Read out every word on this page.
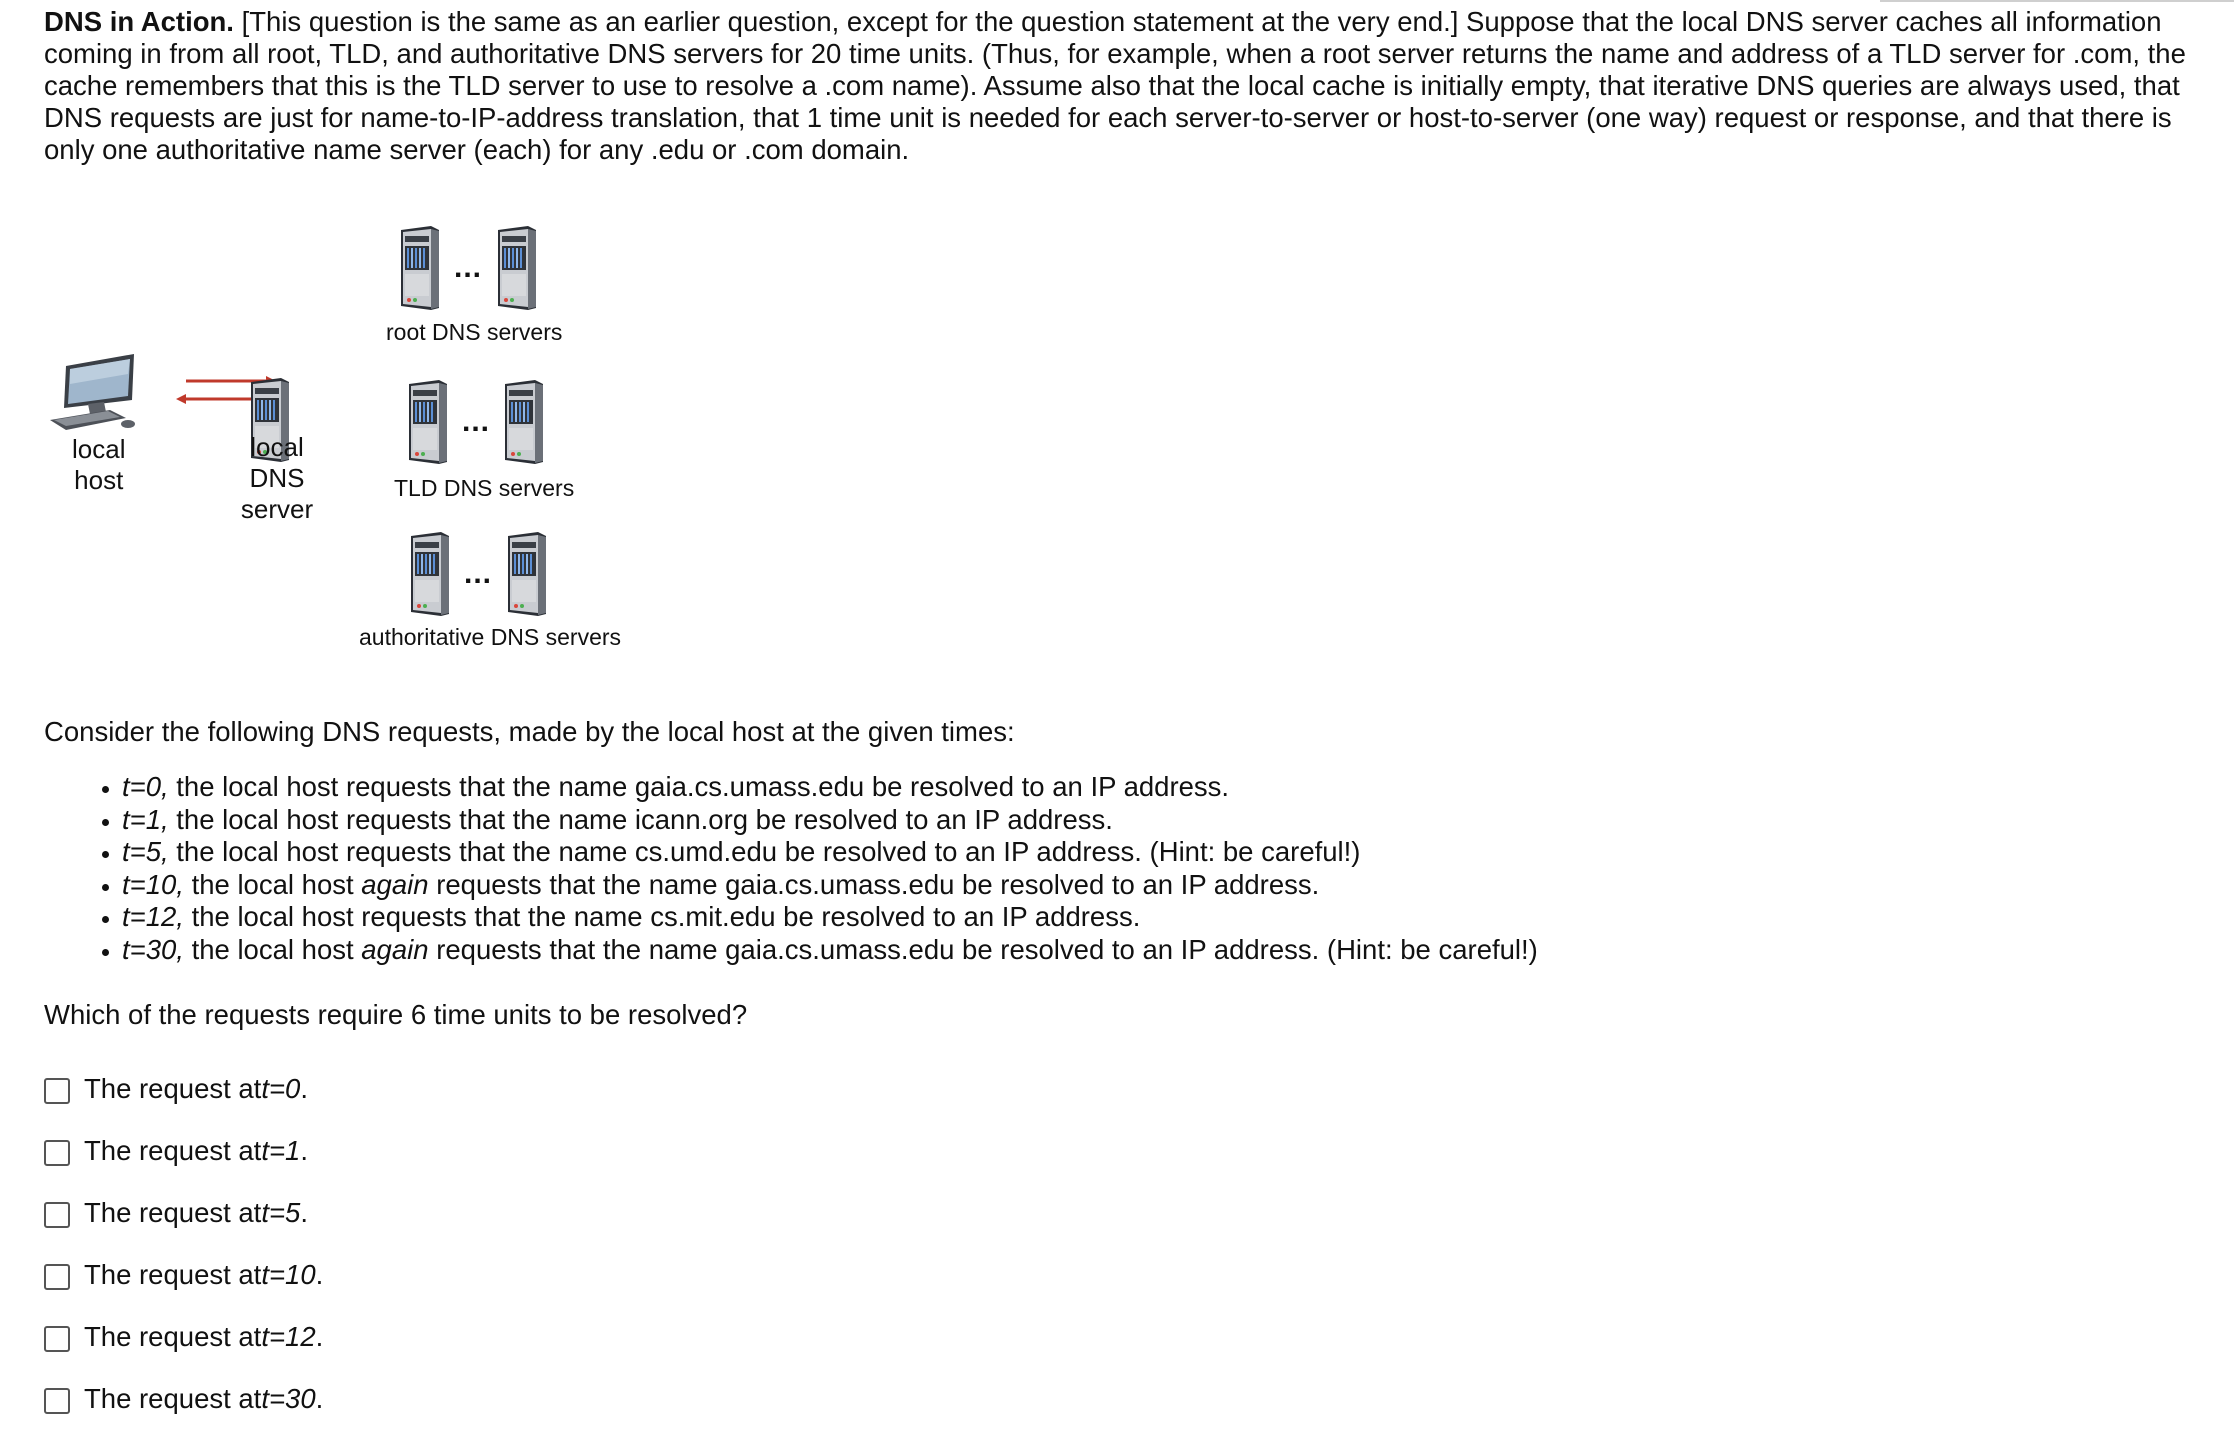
DNS in Action. [This question is the same as an earlier question, except for the question statement at the very end.] Suppose that the local DNS server caches all information coming in from all root, TLD, and authoritative DNS servers for 20 time units. (Thus, for example, when a root server returns the name and address of a TLD server for .com, the cache remembers that this is the TLD server to use to resolve a .com name). Assume also that the local cache is initially empty, that iterative DNS queries are always used, that DNS requests are just for name-to-IP-address translation, that 1 time unit is needed for each server-to-server or host-to-server (one way) request or response, and that there is only one authoritative name server (each) for any .edu or .com domain.

...
root DNS servers
...
TLD DNS servers
...
authoritative DNS servers
local
host
local
DNS
server

Consider the following DNS requests, made by the local host at the given times:

• t=0, the local host requests that the name gaia.cs.umass.edu be resolved to an IP address.
• t=1, the local host requests that the name icann.org be resolved to an IP address.
• t=5, the local host requests that the name cs.umd.edu be resolved to an IP address. (Hint: be careful!)
• t=10, the local host again requests that the name gaia.cs.umass.edu be resolved to an IP address.
• t=12, the local host requests that the name cs.mit.edu be resolved to an IP address.
• t=30, the local host again requests that the name gaia.cs.umass.edu be resolved to an IP address. (Hint: be careful!)

Which of the requests require 6 time units to be resolved?

The request at t=0 .
The request at t=1 .
The request at t=5 .
The request at t=10 .
The request at t=12 .
The request at t=30 .
